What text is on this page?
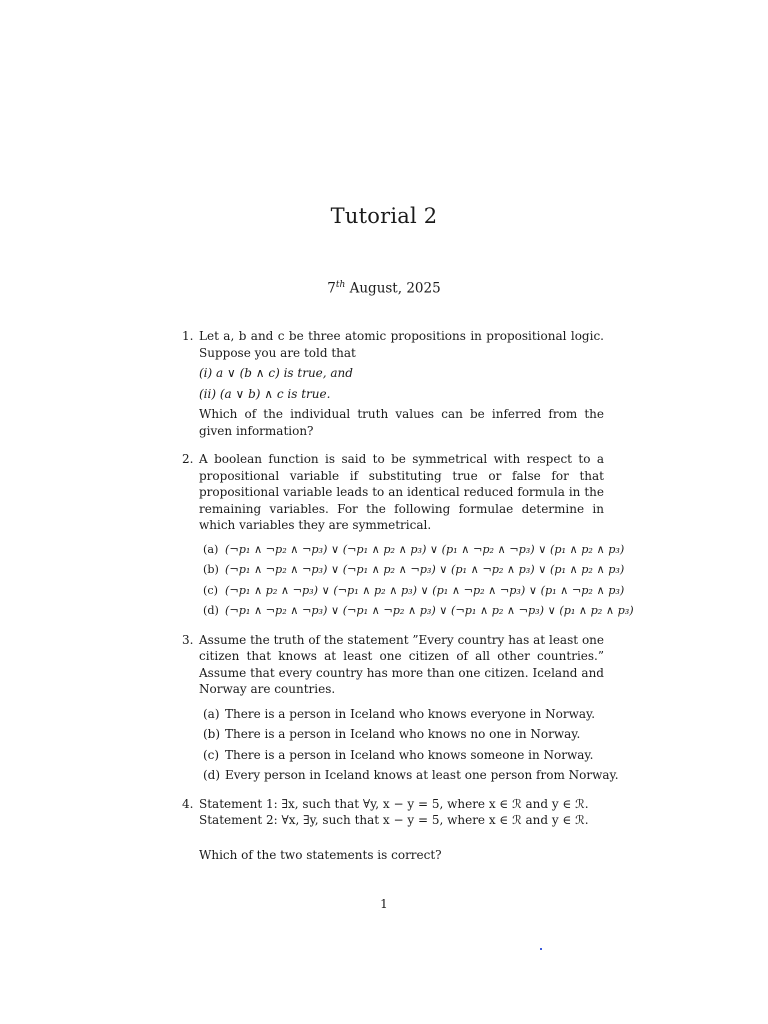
Tutorial 2
7th August, 2025
1. Let a, b and c be three atomic propositions in propositional logic. Suppose you are told that

(i) a ∨ (b ∧ c) is true, and

(ii) (a ∨ b) ∧ c is true.

Which of the individual truth values can be inferred from the given information?

2. A boolean function is said to be symmetrical with respect to a propositional variable if substituting true or false for that propositional variable leads to an identical reduced formula in the remaining variables. For the following formulae determine in which variables they are symmetrical.

(a) (¬p₁ ∧ ¬p₂ ∧ ¬p₃) ∨ (¬p₁ ∧ p₂ ∧ p₃) ∨ (p₁ ∧ ¬p₂ ∧ ¬p₃) ∨ (p₁ ∧ p₂ ∧ p₃)
(b) (¬p₁ ∧ ¬p₂ ∧ ¬p₃) ∨ (¬p₁ ∧ p₂ ∧ ¬p₃) ∨ (p₁ ∧ ¬p₂ ∧ p₃) ∨ (p₁ ∧ p₂ ∧ p₃)
(c) (¬p₁ ∧ p₂ ∧ ¬p₃) ∨ (¬p₁ ∧ p₂ ∧ p₃) ∨ (p₁ ∧ ¬p₂ ∧ ¬p₃) ∨ (p₁ ∧ ¬p₂ ∧ p₃)
(d) (¬p₁ ∧ ¬p₂ ∧ ¬p₃) ∨ (¬p₁ ∧ ¬p₂ ∧ p₃) ∨ (¬p₁ ∧ p₂ ∧ ¬p₃) ∨ (p₁ ∧ p₂ ∧ p₃)
3. Assume the truth of the statement ”Every country has at least one citizen that knows at least one citizen of all other countries.” Assume that every country has more than one citizen. Iceland and Norway are countries.

(a) There is a person in Iceland who knows everyone in Norway.
(b) There is a person in Iceland who knows no one in Norway.
(c) There is a person in Iceland who knows someone in Norway.
(d) Every person in Iceland knows at least one person from Norway.
4. Statement 1: ∃x, such that ∀y, x − y = 5, where x ∈ ℛ and y ∈ ℛ.

Statement 2: ∀x, ∃y, such that x − y = 5, where x ∈ ℛ and y ∈ ℛ.

Which of the two statements is correct?

1
